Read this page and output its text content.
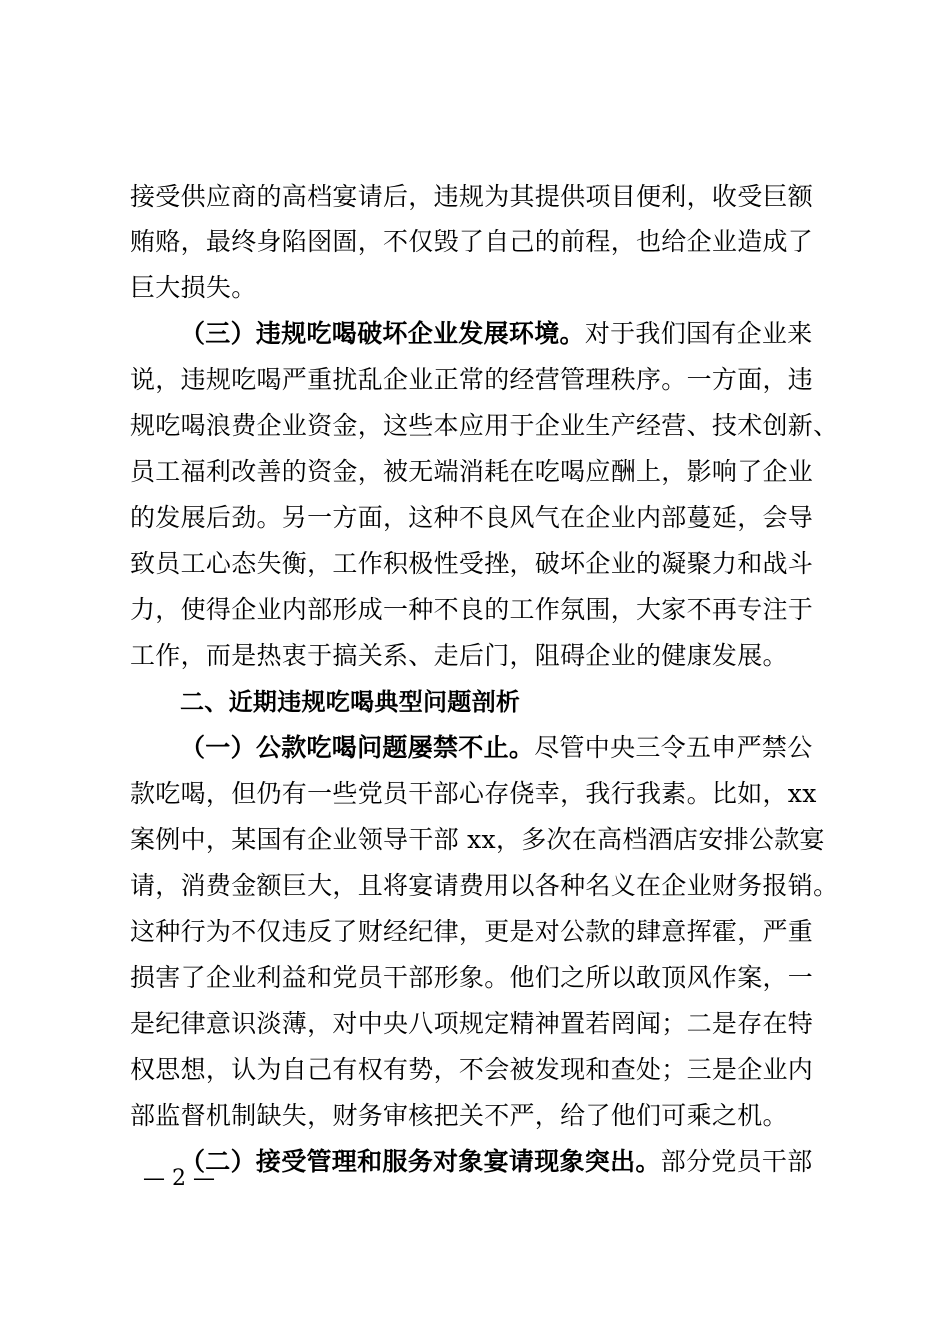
接受供应商的高档宴请后，违规为其提供项目便利，收受巨额
贿赂，最终身陷囹圄，不仅毁了自己的前程，也给企业造成了
巨大损失。
（三）违规吃喝破坏企业发展环境。对于我们国有企业来
说，违规吃喝严重扰乱企业正常的经营管理秩序。一方面，违
规吃喝浪费企业资金，这些本应用于企业生产经营、技术创新、
员工福利改善的资金，被无端消耗在吃喝应酬上，影响了企业
的发展后劲。另一方面，这种不良风气在企业内部蔓延，会导
致员工心态失衡，工作积极性受挫，破坏企业的凝聚力和战斗
力，使得企业内部形成一种不良的工作氛围，大家不再专注于
工作，而是热衷于搞关系、走后门，阻碍企业的健康发展。
二、近期违规吃喝典型问题剖析
（一）公款吃喝问题屡禁不止。尽管中央三令五申严禁公
款吃喝，但仍有一些党员干部心存侥幸，我行我素。比如，xx
案例中，某国有企业领导干部 xx，多次在高档酒店安排公款宴
请，消费金额巨大，且将宴请费用以各种名义在企业财务报销。
这种行为不仅违反了财经纪律，更是对公款的肆意挥霍，严重
损害了企业利益和党员干部形象。他们之所以敢顶风作案，一
是纪律意识淡薄，对中央八项规定精神置若罔闻；二是存在特
权思想，认为自己有权有势，不会被发现和查处；三是企业内
部监督机制缺失，财务审核把关不严，给了他们可乘之机。
（二）接受管理和服务对象宴请现象突出。部分党员干部
— 2 —
